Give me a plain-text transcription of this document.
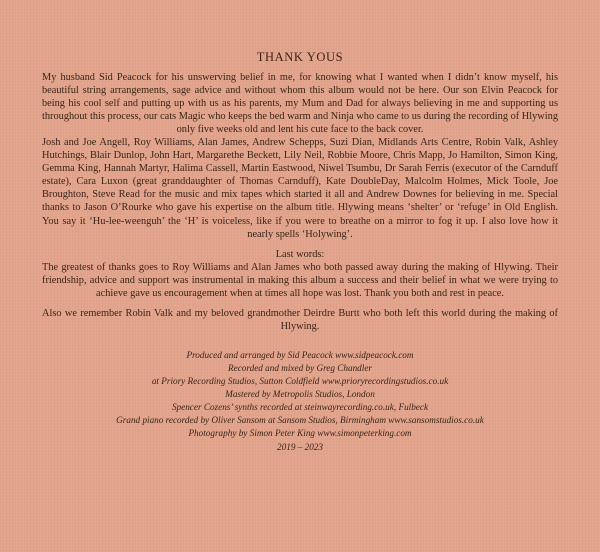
THANK YOUS

My husband Sid Peacock for his unswerving belief in me, for knowing what I wanted when I didn’t know myself, his beautiful string arrangements, sage advice and without whom this album would not be here. Our son Elvin Peacock for being his cool self and putting up with us as his parents, my Mum and Dad for always believing in me and supporting us throughout this process, our cats Magic who keeps the bed warm and Ninja who came to us during the recording of Hlywing only five weeks old and lent his cute face to the back cover.

Josh and Joe Angell, Roy Williams, Alan James, Andrew Schepps, Suzi Dian, Midlands Arts Centre, Robin Valk, Ashley Hutchings, Blair Dunlop, John Hart, Margarethe Beckett, Lily Neil, Robbie Moore, Chris Mapp, Jo Hamilton, Simon King, Gemma King, Hannah Martyr, Halima Cassell, Martin Eastwood, Niwel Tsumbu, Dr Sarah Ferris (executor of the Carnduff estate), Cara Luxon (great granddaughter of Thomas Carnduff), Kate DoubleDay, Malcolm Holmes, Mick Toole, Joe Broughton, Steve Read for the music and mix tapes which started it all and Andrew Downes for believing in me. Special thanks to Jason O’Rourke who gave his expertise on the album title. Hlywing means ‘shelter’ or ‘refuge’ in Old English. You say it ‘Hu-lee-weenguh’ the ‘H’ is voiceless, like if you were to breathe on a mirror to fog it up. I also love how it nearly spells ‘Holywing’.

Last words:

The greatest of thanks goes to Roy Williams and Alan James who both passed away during the making of Hlywing. Their friendship, advice and support was instrumental in making this album a success and their belief in what we were trying to achieve gave us encouragement when at times all hope was lost. Thank you both and rest in peace.

Also we remember Robin Valk and my beloved grandmother Deirdre Burtt who both left this world during the making of Hlywing.

Produced and arranged by Sid Peacock www.sidpeacock.com
Recorded and mixed by Greg Chandler
at Priory Recording Studios, Sutton Coldfield www.prioryrecordingstudios.co.uk
Mastered by Metropolis Studios, London
Spencer Cozens’ synths recorded at steinwayrecording.co.uk, Fulbeck
Grand piano recorded by Oliver Sansom at Sansom Studios, Birmingham www.sansomstudios.co.uk
Photography by Simon Peter King www.simonpeterking.com
2019 – 2023
